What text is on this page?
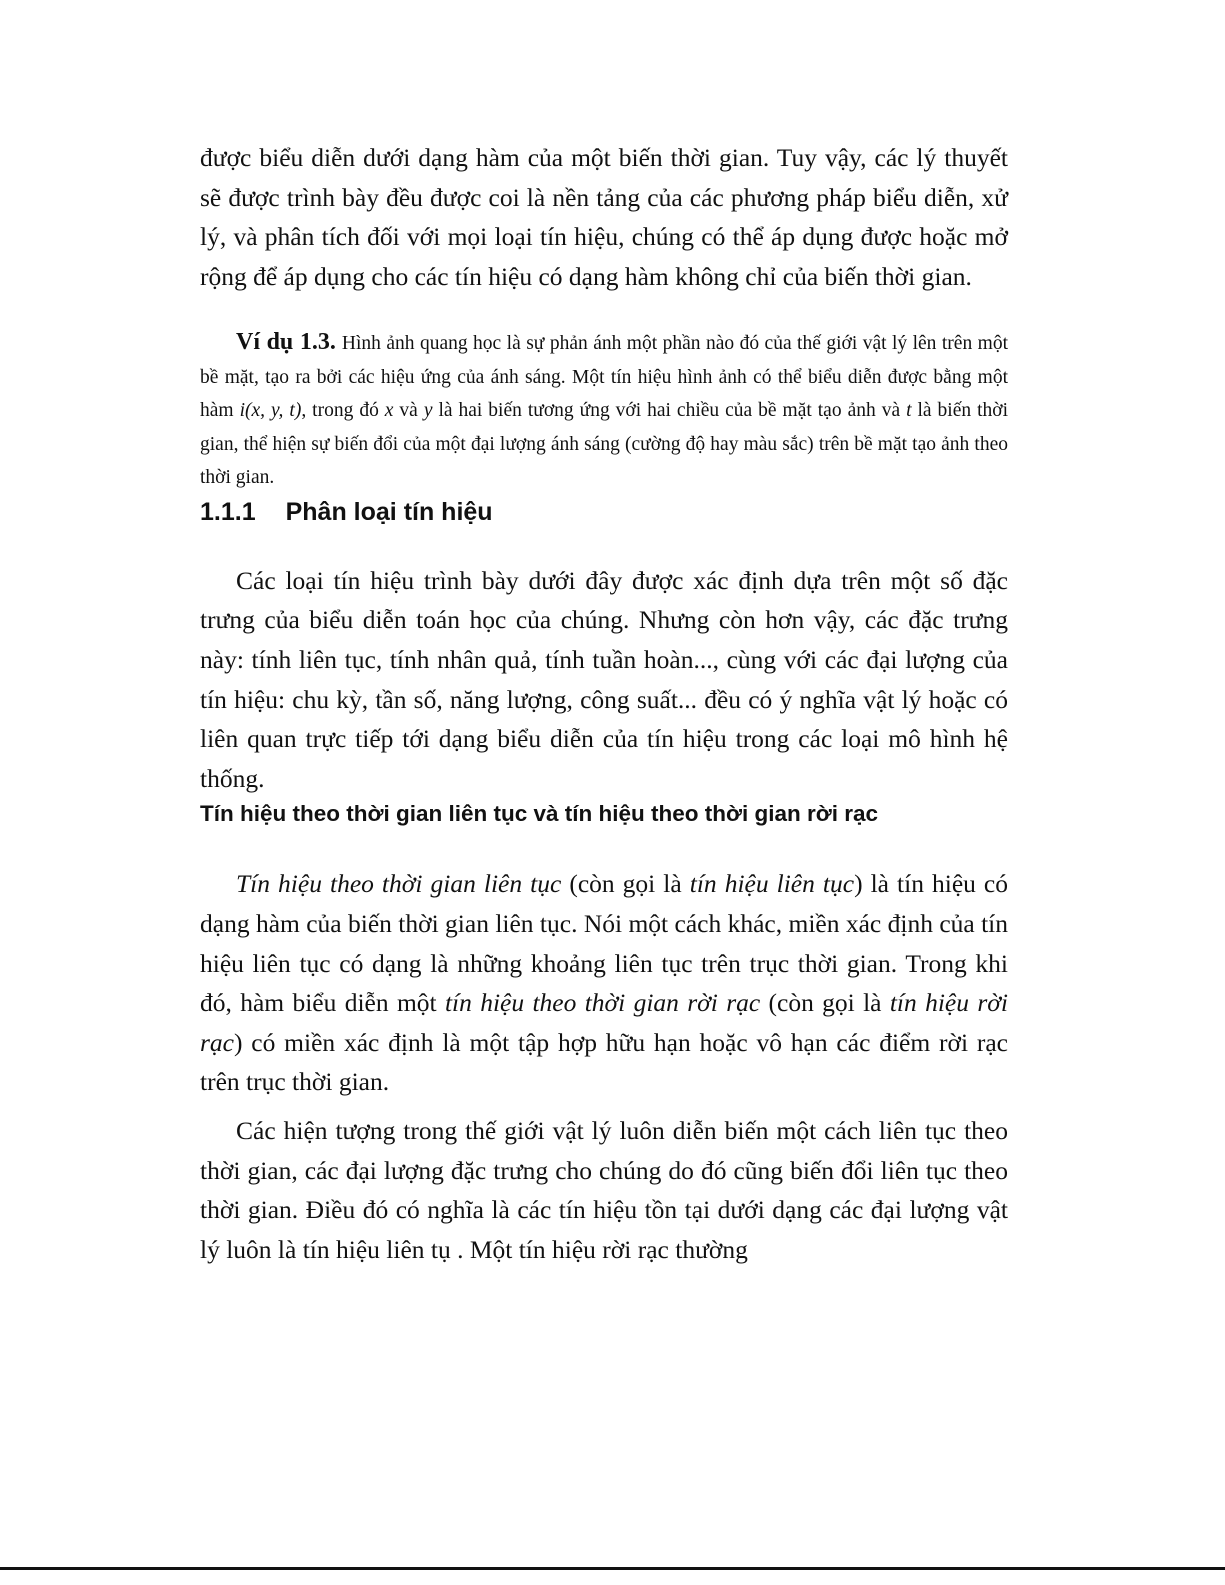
được biểu diễn dưới dạng hàm của một biến thời gian. Tuy vậy, các lý thuyết sẽ được trình bày đều được coi là nền tảng của các phương pháp biểu diễn, xử lý, và phân tích đối với mọi loại tín hiệu, chúng có thể áp dụng được hoặc mở rộng để áp dụng cho các tín hiệu có dạng hàm không chỉ của biến thời gian.

Ví dụ 1.3. Hình ảnh quang học là sự phản ánh một phần nào đó của thế giới vật lý lên trên một bề mặt, tạo ra bởi các hiệu ứng của ánh sáng. Một tín hiệu hình ảnh có thể biểu diễn được bằng một hàm i(x, y, t), trong đó x và y là hai biến tương ứng với hai chiều của bề mặt tạo ảnh và t là biến thời gian, thể hiện sự biến đổi của một đại lượng ánh sáng (cường độ hay màu sắc) trên bề mặt tạo ảnh theo thời gian.

1.1.1 Phân loại tín hiệu

Các loại tín hiệu trình bày dưới đây được xác định dựa trên một số đặc trưng của biểu diễn toán học của chúng. Nhưng còn hơn vậy, các đặc trưng này: tính liên tục, tính nhân quả, tính tuần hoàn..., cùng với các đại lượng của tín hiệu: chu kỳ, tần số, năng lượng, công suất... đều có ý nghĩa vật lý hoặc có liên quan trực tiếp tới dạng biểu diễn của tín hiệu trong các loại mô hình hệ thống.

Tín hiệu theo thời gian liên tục và tín hiệu theo thời gian rời rạc

Tín hiệu theo thời gian liên tục (còn gọi là tín hiệu liên tục) là tín hiệu có dạng hàm của biến thời gian liên tục. Nói một cách khác, miền xác định của tín hiệu liên tục có dạng là những khoảng liên tục trên trục thời gian. Trong khi đó, hàm biểu diễn một tín hiệu theo thời gian rời rạc (còn gọi là tín hiệu rời rạc) có miền xác định là một tập hợp hữu hạn hoặc vô hạn các điểm rời rạc trên trục thời gian.

Các hiện tượng trong thế giới vật lý luôn diễn biến một cách liên tục theo thời gian, các đại lượng đặc trưng cho chúng do đó cũng biến đổi liên tục theo thời gian. Điều đó có nghĩa là các tín hiệu tồn tại dưới dạng các đại lượng vật lý luôn là tín hiệu liên tụ . Một tín hiệu rời rạc thường
